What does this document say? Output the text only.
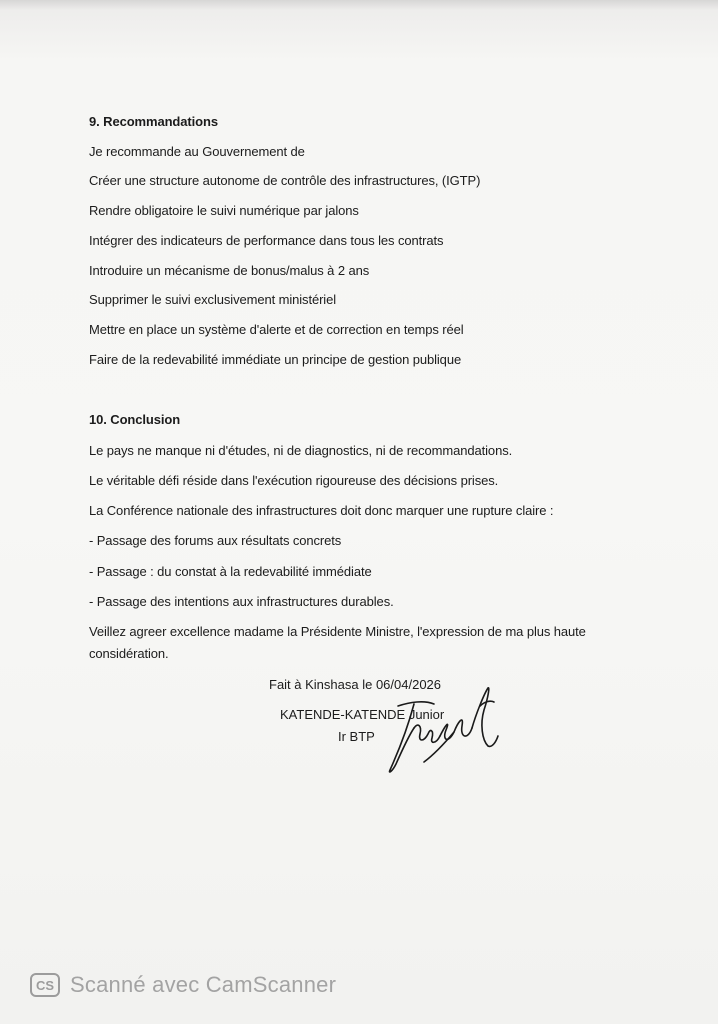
9. Recommandations

Je recommande au Gouvernement de

Créer une structure autonome de contrôle des infrastructures, (IGTP)

Rendre obligatoire le suivi numérique par jalons

Intégrer des indicateurs de performance dans tous les contrats

Introduire un mécanisme de bonus/malus à 2 ans

Supprimer le suivi exclusivement ministériel

Mettre en place un système d'alerte et de correction en temps réel

Faire de la redevabilité immédiate un principe de gestion publique

10. Conclusion

Le pays ne manque ni d'études, ni de diagnostics, ni de recommandations.

Le véritable défi réside dans l'exécution rigoureuse des décisions prises.

La Conférence nationale des infrastructures doit donc marquer une rupture claire :

- Passage des forums aux résultats concrets

- Passage : du constat à la redevabilité immédiate

- Passage des intentions aux infrastructures durables.

Veillez agreer excellence madame la Présidente Ministre, l'expression de ma plus haute

considération.

Fait à Kinshasa le 06/04/2026

KATENDE-KATENDE Junior

Ir BTP

CS Scanné avec CamScanner
